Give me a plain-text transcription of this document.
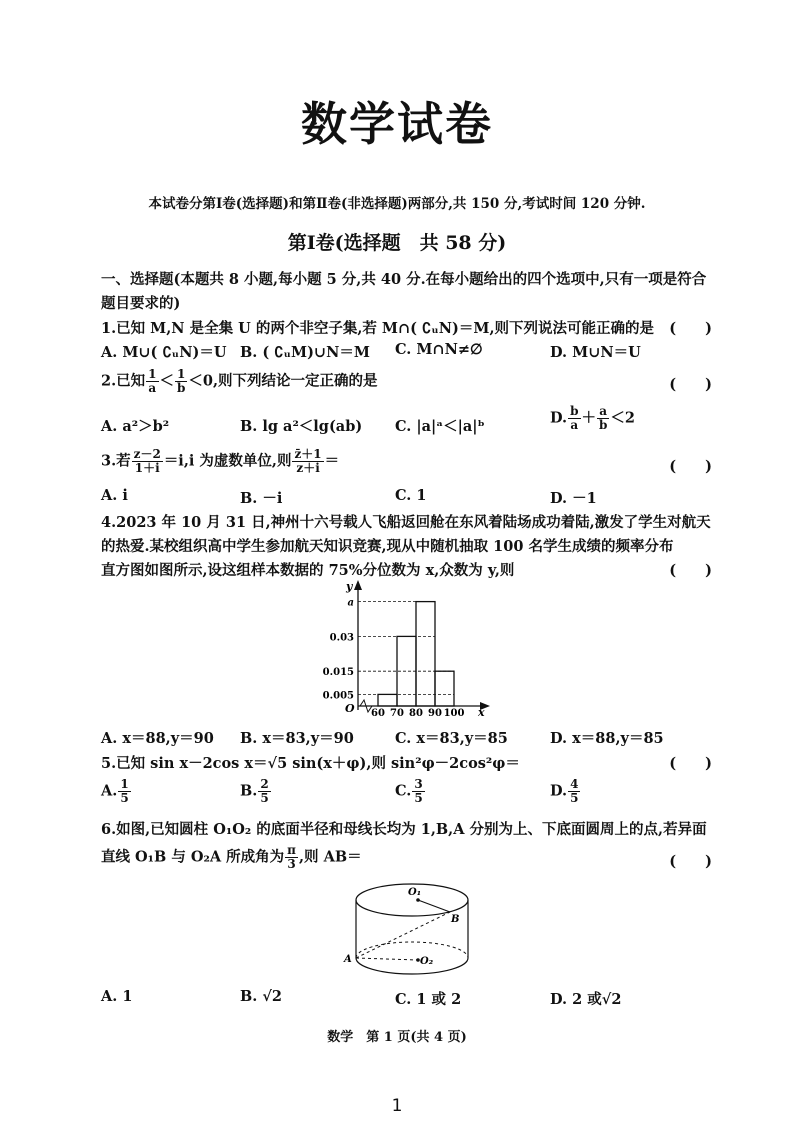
数学试卷
本试卷分第Ⅰ卷(选择题)和第Ⅱ卷(非选择题)两部分,共 150 分,考试时间 120 分钟.
第Ⅰ卷(选择题　共 58 分)
一、选择题(本题共 8 小题,每小题 5 分,共 40 分.在每小题给出的四个选项中,只有一项是符合
题目要求的)
1.已知 M,N 是全集 U 的两个非空子集,若 M∩( ∁ᵤN)＝M,则下列说法可能正确的是 (　　)
A. M∪( ∁ᵤN)＝U B. ( ∁ᵤM)∪N＝M C. M∩N≠∅	D. M∪N＝U
2.已知 $\frac{1}{a} < \frac{1}{b} <0$,则下列结论一定正确的是	(　　)
A. a²＞b²	B. lg a²＜lg(ab) C. |a|ᵃ＜|a|ᵇ	D. $\frac{b}{a} + \frac{a}{b} <2$
3.若 $\frac{z-2}{1+i} =i,i$ 为虚数单位,则 $\frac{z̄+1}{z+i}$ ＝	(　　)
A. i	B. －i	C. 1	D. －1
4.2023 年 10 月 31 日,神州十六号载人飞船返回舱在东风着陆场成功着陆,激发了学生对航天
的热爱.某校组织高中学生参加航天知识竞赛,现从中随机抽取 100 名学生成绩的频率分布
直方图如图所示,设这组样本数据的 75%分位数为 x,众数为 y,则	(　　)
y
x
O
0.005
0.015
0.03
a
60 70 80 90 100
A. x＝88,y＝90 B. x＝83,y＝90	C. x＝83,y＝85	D. x＝88,y＝85
5.已知 sin x－2cos x＝√5 sin(x＋φ),则 sin²φ－2cos²φ＝	(　　)
A. $\frac{1}{5}$	B. $\frac{2}{5}$	C. $\frac{3}{5}$	D. $\frac{4}{5}$
6.如图,已知圆柱 O₁O₂ 的底面半径和母线长均为 1,B,A 分别为上、下底面圆周上的点,若异面
直线 O₁B 与 O₂A 所成角为 $\frac{\pi}{3}$ ,则 AB＝	(　　)
O₁
B
A	O₂
A. 1	B. √2	C. 1 或 2	D. 2 或√2
数学　第 1 页(共 4 页)
1
